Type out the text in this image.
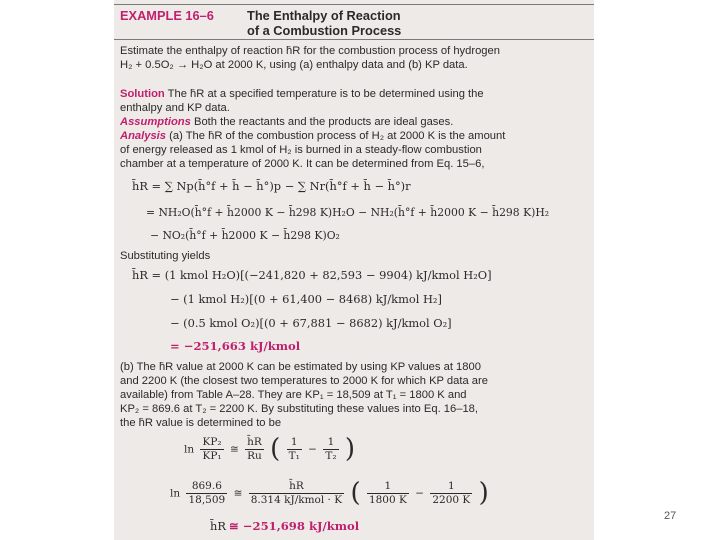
EXAMPLE 16–6	The Enthalpy of Reaction
of a Combustion Process
Estimate the enthalpy of reaction h̄R for the combustion process of hydrogen
H₂ + 0.5O₂ → H₂O at 2000 K, using (a) enthalpy data and (b) KP data.
Solution The h̄R at a specified temperature is to be determined using the
enthalpy and KP data.
Assumptions Both the reactants and the products are ideal gases.
Analysis (a) The h̄R of the combustion process of H₂ at 2000 K is the amount
of energy released as 1 kmol of H₂ is burned in a steady-flow combustion
chamber at a temperature of 2000 K. It can be determined from Eq. 15–6,
h̄R = ∑ Np(h̄°f + h̄ − h̄°)p − ∑ Nr(h̄°f + h̄ − h̄°)r
= NH₂O(h̄°f + h̄2000 K − h̄298 K)H₂O − NH₂(h̄°f + h̄2000 K − h̄298 K)H₂
− NO₂(h̄°f + h̄2000 K − h̄298 K)O₂
Substituting yields
h̄R = (1 kmol H₂O)[(−241,820 + 82,593 − 9904) kJ/kmol H₂O]
− (1 kmol H₂)[(0 + 61,400 − 8468) kJ/kmol H₂]
− (0.5 kmol O₂)[(0 + 67,881 − 8682) kJ/kmol O₂]
= −251,663 kJ/kmol
(b) The h̄R value at 2000 K can be estimated by using KP values at 1800
and 2200 K (the closest two temperatures to 2000 K for which KP data are
available) from Table A–28. They are KP₁ = 18,509 at T₁ = 1800 K and
KP₂ = 869.6 at T₂ = 2200 K. By substituting these values into Eq. 16–18,
the h̄R value is determined to be
$\ln \frac{\text{KP₂}}{\text{KP₁}}$ ≅ $\frac{h̄R}{Ru}$ ( $\frac{1}{\text{T₁}} - \frac{1}{\text{T₂}}$ )
$\ln \frac{869.6}{18,509}$ ≅ $\frac{h̄R}{\text{8.314 kJ/kmol · K}}$ ( $\frac{1}{1800 K} - \frac{1}{2200 K}$ )
h̄R ≅ −251,698 kJ/kmol
27
